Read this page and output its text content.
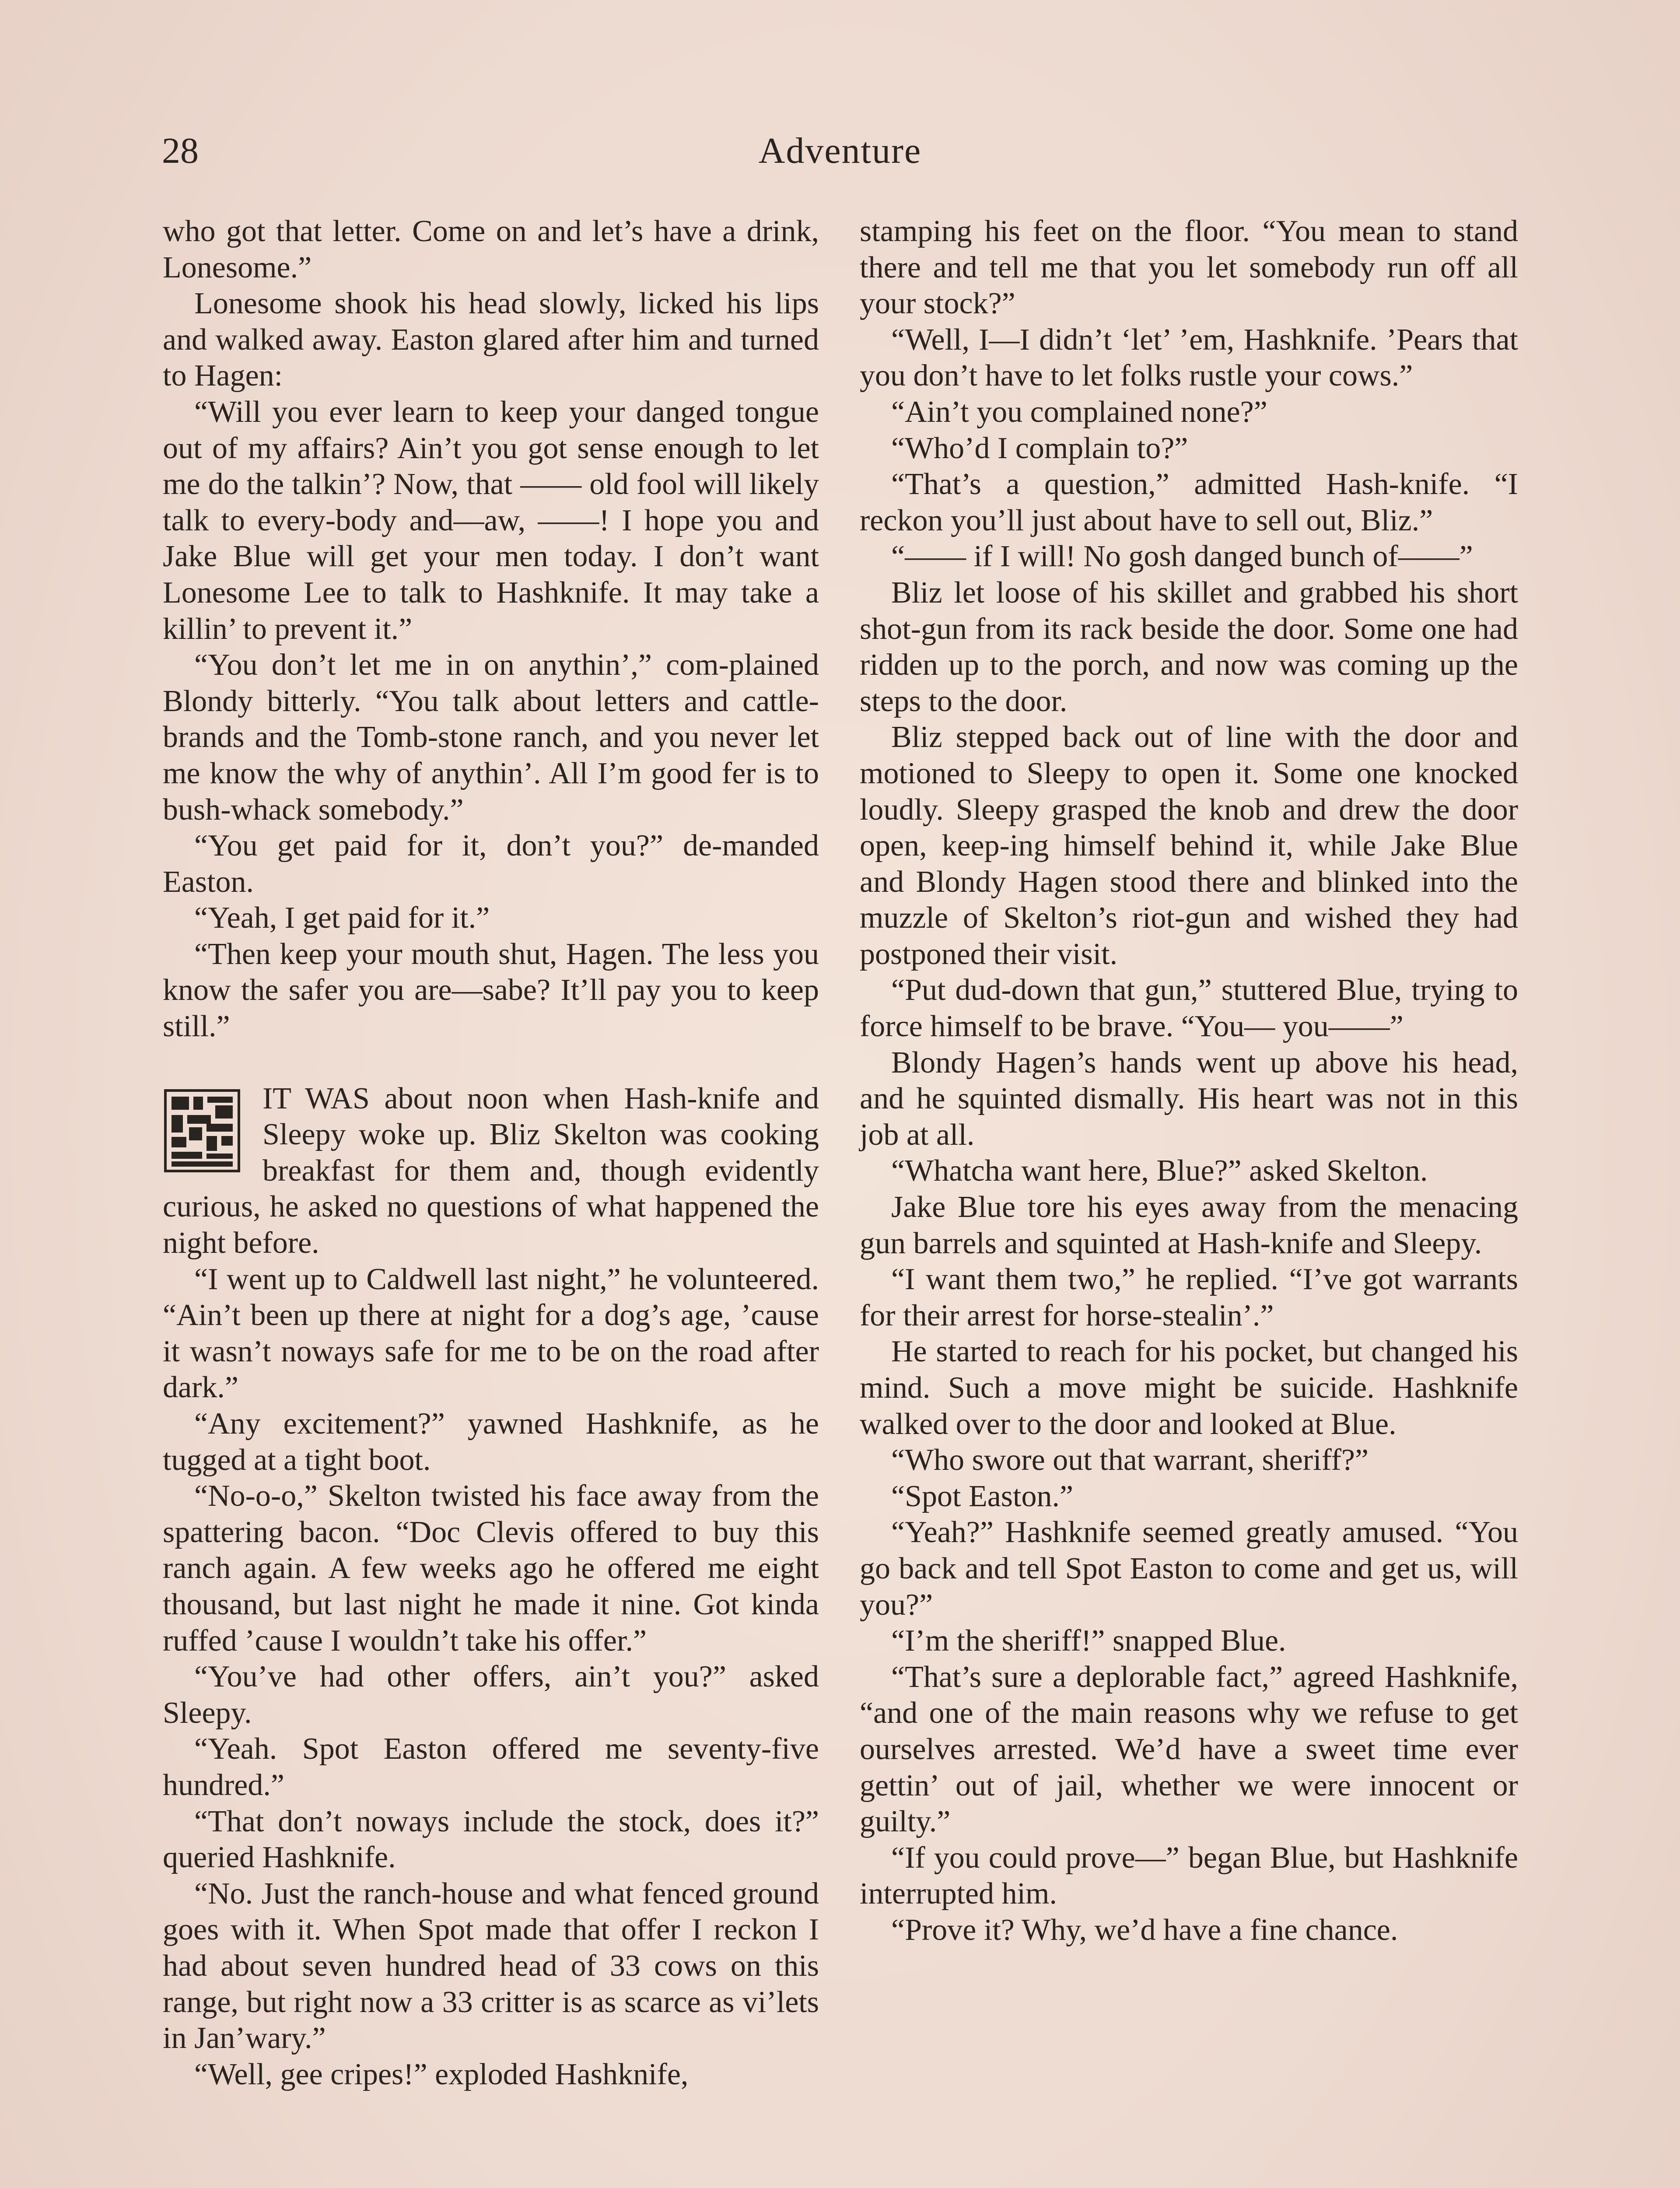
28	Adventure

who got that letter. Come on and let’s have a drink, Lonesome.”

Lonesome shook his head slowly, licked his lips and walked away. Easton glared after him and turned to Hagen:

“Will you ever learn to keep your danged tongue out of my affairs? Ain’t you got sense enough to let me do the talkin’? Now, that —— old fool will likely talk to every-body and—aw, ——! I hope you and Jake Blue will get your men today. I don’t want Lonesome Lee to talk to Hashknife. It may take a killin’ to prevent it.”

“You don’t let me in on anythin’,” com-plained Blondy bitterly. “You talk about letters and cattle-brands and the Tomb-stone ranch, and you never let me know the why of anythin’. All I’m good fer is to bush-whack somebody.”

“You get paid for it, don’t you?” de-manded Easton.

“Yeah, I get paid for it.”

“Then keep your mouth shut, Hagen. The less you know the safer you are—sabe? It’ll pay you to keep still.”

IT WAS about noon when Hash-knife and Sleepy woke up. Bliz Skelton was cooking breakfast for them and, though evidently curious, he asked no questions of what happened the night before.

“I went up to Caldwell last night,” he volunteered. “Ain’t been up there at night for a dog’s age, ’cause it wasn’t noways safe for me to be on the road after dark.”

“Any excitement?” yawned Hashknife, as he tugged at a tight boot.

“No-o-o,” Skelton twisted his face away from the spattering bacon. “Doc Clevis offered to buy this ranch again. A few weeks ago he offered me eight thousand, but last night he made it nine. Got kinda ruffed ’cause I wouldn’t take his offer.”

“You’ve had other offers, ain’t you?” asked Sleepy.

“Yeah. Spot Easton offered me seventy-five hundred.”

“That don’t noways include the stock, does it?” queried Hashknife.

“No. Just the ranch-house and what fenced ground goes with it. When Spot made that offer I reckon I had about seven hundred head of 33 cows on this range, but right now a 33 critter is as scarce as vi’lets in Jan’wary.”

“Well, gee cripes!” exploded Hashknife,

stamping his feet on the floor. “You mean to stand there and tell me that you let somebody run off all your stock?”

“Well, I—I didn’t ‘let’ ’em, Hashknife. ’Pears that you don’t have to let folks rustle your cows.”

“Ain’t you complained none?”

“Who’d I complain to?”

“That’s a question,” admitted Hash-knife. “I reckon you’ll just about have to sell out, Bliz.”

“—— if I will! No gosh danged bunch of——”

Bliz let loose of his skillet and grabbed his short shot-gun from its rack beside the door. Some one had ridden up to the porch, and now was coming up the steps to the door.

Bliz stepped back out of line with the door and motioned to Sleepy to open it. Some one knocked loudly. Sleepy grasped the knob and drew the door open, keep-ing himself behind it, while Jake Blue and Blondy Hagen stood there and blinked into the muzzle of Skelton’s riot-gun and wished they had postponed their visit.

“Put dud-down that gun,” stuttered Blue, trying to force himself to be brave. “You— you——”

Blondy Hagen’s hands went up above his head, and he squinted dismally. His heart was not in this job at all.

“Whatcha want here, Blue?” asked Skelton.

Jake Blue tore his eyes away from the menacing gun barrels and squinted at Hash-knife and Sleepy.

“I want them two,” he replied. “I’ve got warrants for their arrest for horse-stealin’.”

He started to reach for his pocket, but changed his mind. Such a move might be suicide. Hashknife walked over to the door and looked at Blue.

“Who swore out that warrant, sheriff?”

“Spot Easton.”

“Yeah?” Hashknife seemed greatly amused. “You go back and tell Spot Easton to come and get us, will you?”

“I’m the sheriff!” snapped Blue.

“That’s sure a deplorable fact,” agreed Hashknife, “and one of the main reasons why we refuse to get ourselves arrested. We’d have a sweet time ever gettin’ out of jail, whether we were innocent or guilty.”

“If you could prove—” began Blue, but Hashknife interrupted him.

“Prove it? Why, we’d have a fine chance.
